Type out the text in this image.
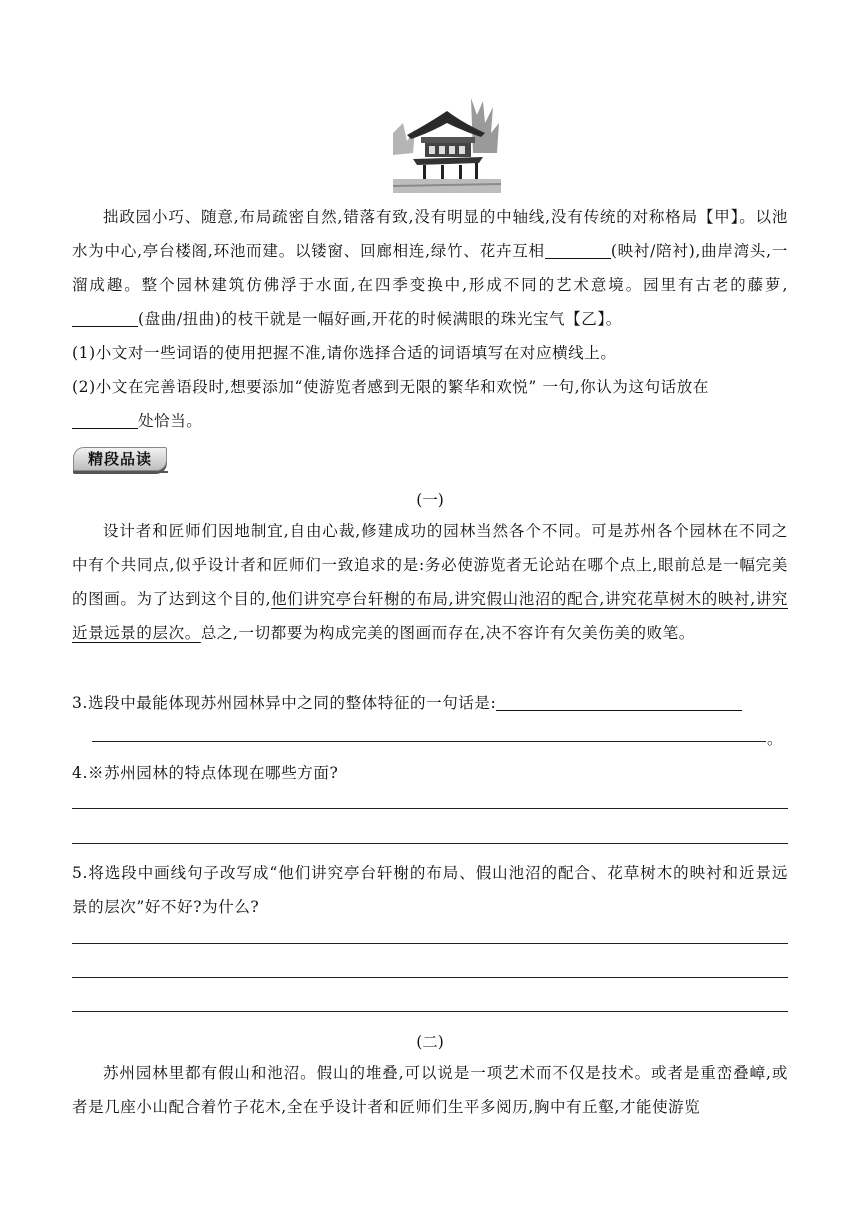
拙政园小巧、随意,布局疏密自然,错落有致,没有明显的中轴线,没有传统的对称格局【甲】。以池水为中心,亭台楼阁,环池而建。以镂窗、回廊相连,绿竹、花卉互相	(映衬/陪衬),曲岸湾头,一溜成趣。整个园林建筑仿佛浮于水面,在四季变换中,形成不同的艺术意境。园里有古老的藤萝,(盘曲/扭曲)的枝干就是一幅好画,开花的时候满眼的珠光宝气【乙】。

(1)小文对一些词语的使用把握不准,请你选择合适的词语填写在对应横线上。

(2)小文在完善语段时,想要添加“使游览者感到无限的繁华和欢悦” 一句,你认为这句话放在
处恰当。

精段品读
(一)

设计者和匠师们因地制宜,自由心裁,修建成功的园林当然各个不同。可是苏州各个园林在不同之中有个共同点,似乎设计者和匠师们一致追求的是:务必使游览者无论站在哪个点上,眼前总是一幅完美的图画。为了达到这个目的,他们讲究亭台轩榭的布局,讲究假山池沼的配合,讲究花草树木的映衬,讲究近景远景的层次。总之,一切都要为构成完美的图画而存在,决不容许有欠美伤美的败笔。

3.选段中最能体现苏州园林异中之同的整体特征的一句话是:

。

4.※苏州园林的特点体现在哪些方面?

5.将选段中画线句子改写成“他们讲究亭台轩榭的布局、假山池沼的配合、花草树木的映衬和近景远景的层次”好不好?为什么?

(二)

苏州园林里都有假山和池沼。假山的堆叠,可以说是一项艺术而不仅是技术。或者是重峦叠嶂,或者是几座小山配合着竹子花木,全在乎设计者和匠师们生平多阅历,胸中有丘壑,才能使游览
